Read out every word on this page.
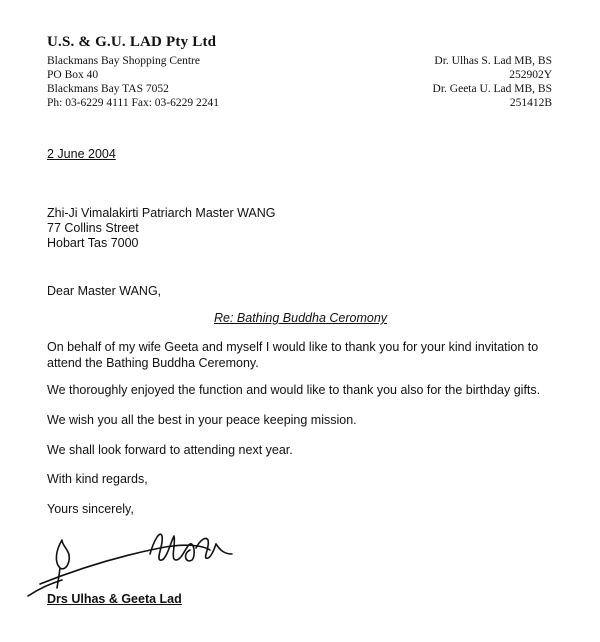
U.S. & G.U. LAD Pty Ltd
Blackmans Bay Shopping Centre
PO Box 40
Blackmans Bay TAS 7052
Ph: 03-6229 4111 Fax: 03-6229 2241
Dr. Ulhas S. Lad MB, BS
252902Y
Dr. Geeta U. Lad MB, BS
251412B
2 June 2004
Zhi-Ji Vimalakirti Patriarch Master WANG
77 Collins Street
Hobart Tas 7000
Dear Master WANG,
Re: Bathing Buddha Ceromony
On behalf of my wife Geeta and myself I would like to thank you for your kind invitation to attend the Bathing Buddha Ceremony.
We thoroughly enjoyed the function and would like to thank you also for the birthday gifts.
We wish you all the best in your peace keeping mission.
We shall look forward to attending next year.
With kind regards,
Yours sincerely,
Drs Ulhas & Geeta Lad
